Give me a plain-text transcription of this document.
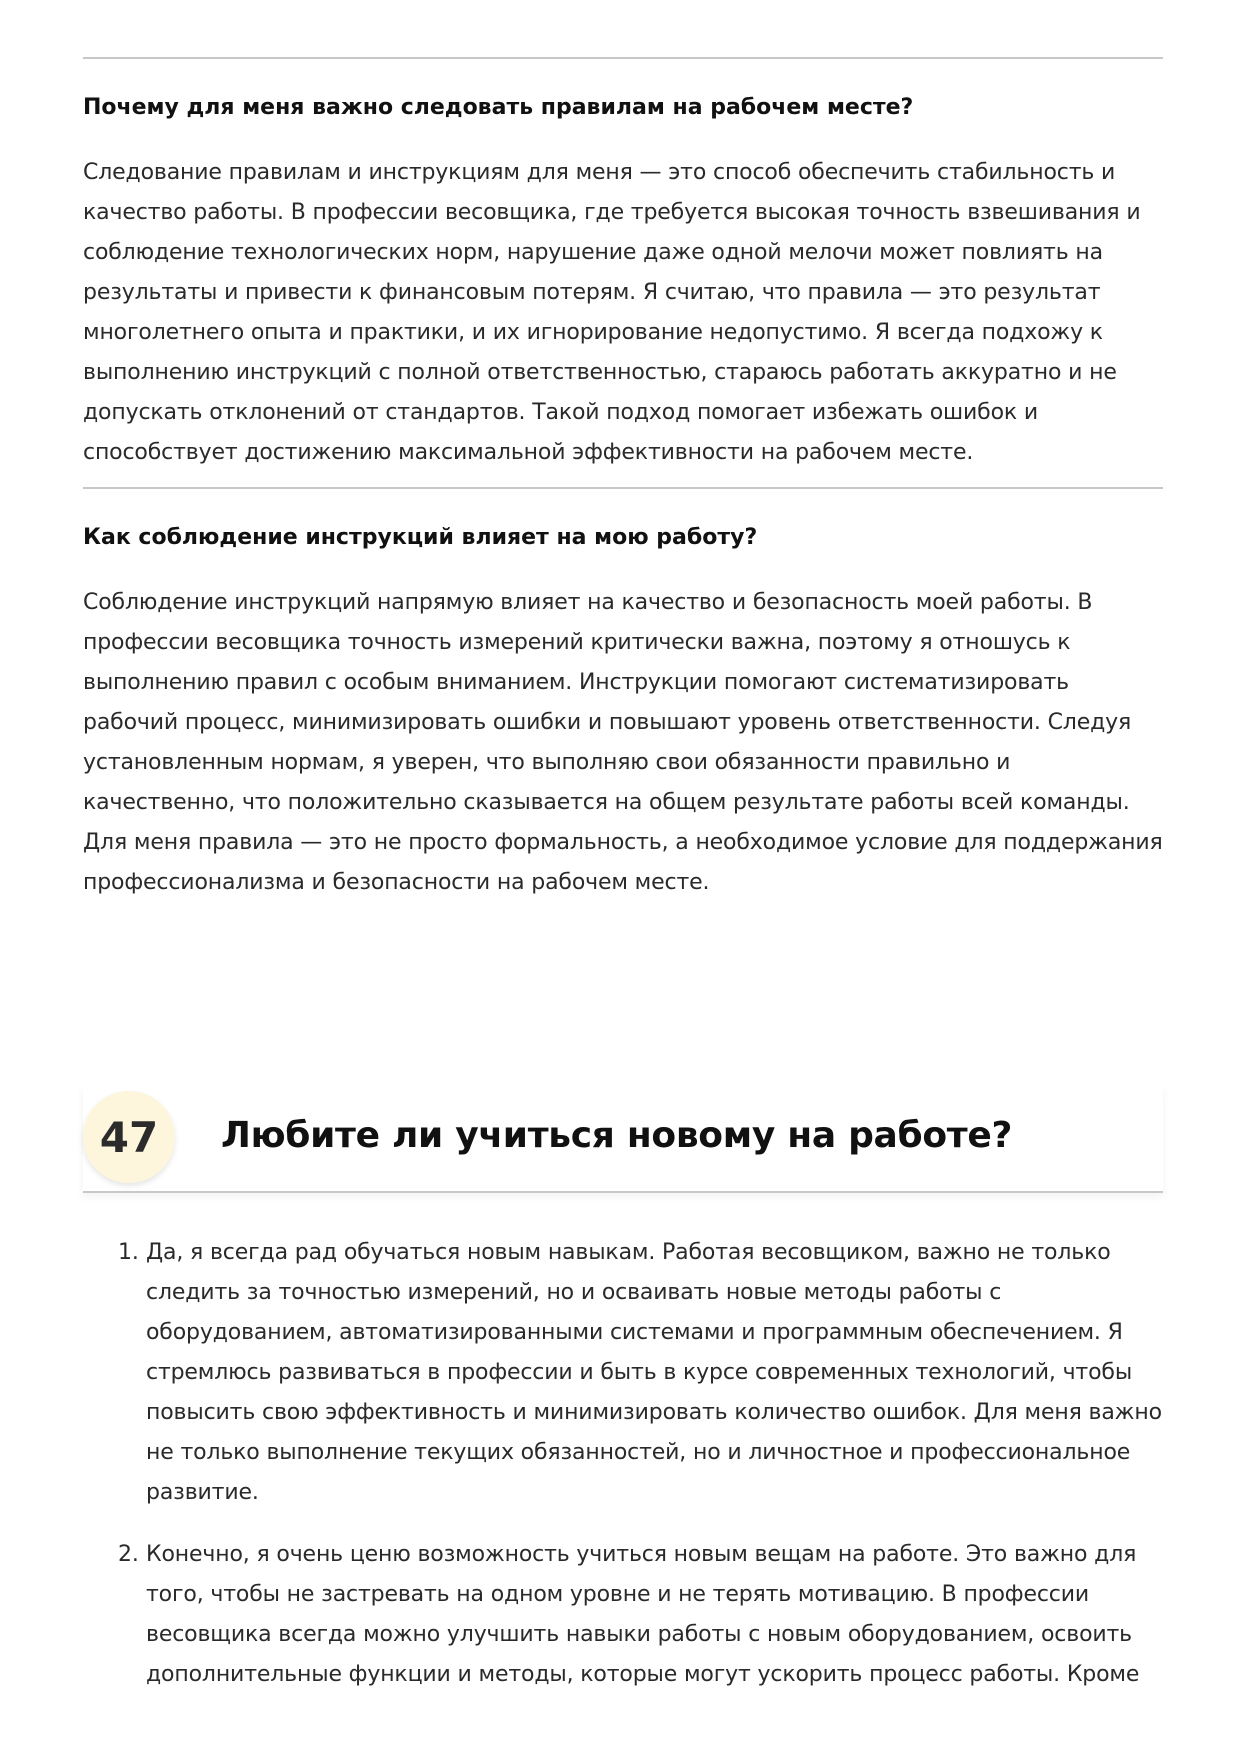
Почему для меня важно следовать правилам на рабочем месте?

Следование правилам и инструкциям для меня — это способ обеспечить стабильность и качество работы. В профессии весовщика, где требуется высокая точность взвешивания и соблюдение технологических норм, нарушение даже одной мелочи может повлиять на результаты и привести к финансовым потерям. Я считаю, что правила — это результат многолетнего опыта и практики, и их игнорирование недопустимо. Я всегда подхожу к выполнению инструкций с полной ответственностью, стараюсь работать аккуратно и не допускать отклонений от стандартов. Такой подход помогает избежать ошибок и способствует достижению максимальной эффективности на рабочем месте.

Как соблюдение инструкций влияет на мою работу?

Соблюдение инструкций напрямую влияет на качество и безопасность моей работы. В профессии весовщика точность измерений критически важна, поэтому я отношусь к выполнению правил с особым вниманием. Инструкции помогают систематизировать рабочий процесс, минимизировать ошибки и повышают уровень ответственности. Следуя установленным нормам, я уверен, что выполняю свои обязанности правильно и качественно, что положительно сказывается на общем результате работы всей команды. Для меня правила — это не просто формальность, а необходимое условие для поддержания профессионализма и безопасности на рабочем месте.

47	Любите ли учиться новому на работе?
1. Да, я всегда рад обучаться новым навыкам. Работая весовщиком, важно не только следить за точностью измерений, но и осваивать новые методы работы с оборудованием, автоматизированными системами и программным обеспечением. Я стремлюсь развиваться в профессии и быть в курсе современных технологий, чтобы повысить свою эффективность и минимизировать количество ошибок. Для меня важно не только выполнение текущих обязанностей, но и личностное и профессиональное развитие.
2. Конечно, я очень ценю возможность учиться новым вещам на работе. Это важно для того, чтобы не застревать на одном уровне и не терять мотивацию. В профессии весовщика всегда можно улучшить навыки работы с новым оборудованием, освоить дополнительные функции и методы, которые могут ускорить процесс работы. Кроме
